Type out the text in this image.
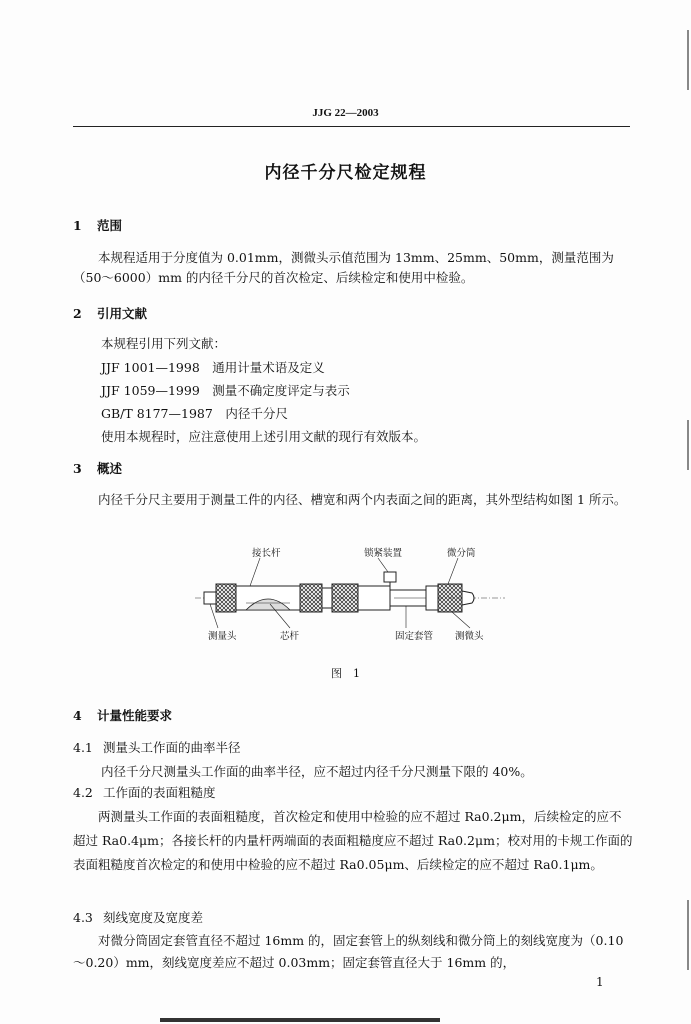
JJG 22—2003
内径千分尺检定规程
1 范围
本规程适用于分度值为 0.01mm，测微头示值范围为 13mm、25mm、50mm，测量范围为（50～6000）mm 的内径千分尺的首次检定、后续检定和使用中检验。
2 引用文献
本规程引用下列文献：
JJF 1001—1998　通用计量术语及定义
JJF 1059—1999　测量不确定度评定与表示
GB/T 8177—1987　内径千分尺
使用本规程时，应注意使用上述引用文献的现行有效版本。
3 概述
内径千分尺主要用于测量工件的内径、槽宽和两个内表面之间的距离，其外型结构如图 1 所示。
接长杆	锁紧装置	微分筒
测量头	芯杆	固定套管 测微头
图　1
4 计量性能要求
4.1 测量头工作面的曲率半径
内径千分尺测量头工作面的曲率半径，应不超过内径千分尺测量下限的 40%。
4.2 工作面的表面粗糙度
两测量头工作面的表面粗糙度，首次检定和使用中检验的应不超过 Ra0.2μm，后续检定的应不超过 Ra0.4μm；各接长杆的内量杆两端面的表面粗糙度应不超过 Ra0.2μm；校对用的卡规工作面的表面粗糙度首次检定的和使用中检验的应不超过 Ra0.05μm、后续检定的应不超过 Ra0.1μm。
4.3 刻线宽度及宽度差
对微分筒固定套管直径不超过 16mm 的，固定套管上的纵刻线和微分筒上的刻线宽度为（0.10～0.20）mm，刻线宽度差应不超过 0.03mm；固定套管直径大于 16mm 的，
1
